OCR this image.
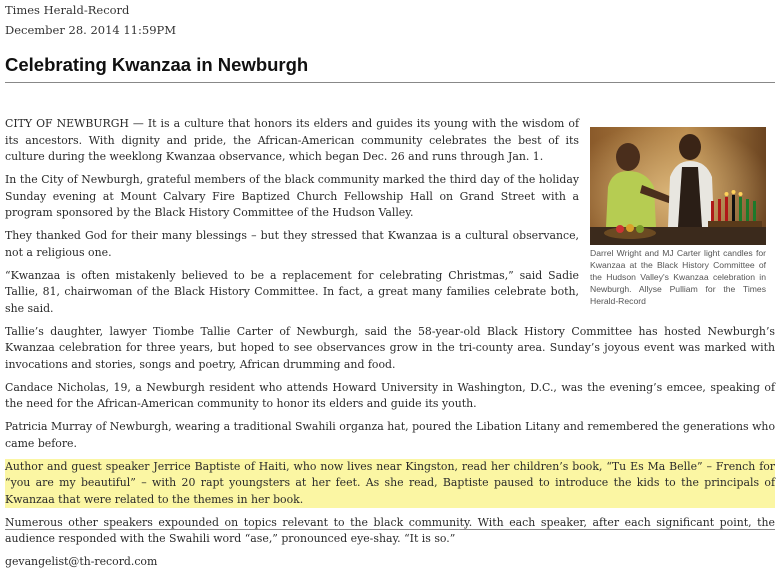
Times Herald-Record
December 28. 2014 11:59PM
Celebrating Kwanzaa in Newburgh
Darrel Wright and MJ Carter light candles for Kwanzaa at the Black History Committee of the Hudson Valley's Kwanzaa celebration in Newburgh. Allyse Pulliam for the Times Herald-Record

CITY OF NEWBURGH — It is a culture that honors its elders and guides its young with the wisdom of its ancestors. With dignity and pride, the African-American community celebrates the best of its culture during the weeklong Kwanzaa observance, which began Dec. 26 and runs through Jan. 1.

In the City of Newburgh, grateful members of the black community marked the third day of the holiday Sunday evening at Mount Calvary Fire Baptized Church Fellowship Hall on Grand Street with a program sponsored by the Black History Committee of the Hudson Valley.

They thanked God for their many blessings – but they stressed that Kwanzaa is a cultural observance, not a religious one.

“Kwanzaa is often mistakenly believed to be a replacement for celebrating Christmas,” said Sadie Tallie, 81, chairwoman of the Black History Committee. In fact, a great many families celebrate both, she said.

Tallie’s daughter, lawyer Tiombe Tallie Carter of Newburgh, said the 58-year-old Black History Committee has hosted Newburgh’s Kwanzaa celebration for three years, but hoped to see observances grow in the tri-county area. Sunday’s joyous event was marked with invocations and stories, songs and poetry, African drumming and food.

Candace Nicholas, 19, a Newburgh resident who attends Howard University in Washington, D.C., was the evening’s emcee, speaking of the need for the African-American community to honor its elders and guide its youth.

Patricia Murray of Newburgh, wearing a traditional Swahili organza hat, poured the Libation Litany and remembered the generations who came before.

Author and guest speaker Jerrice Baptiste of Haiti, who now lives near Kingston, read her children’s book, “Tu Es Ma Belle” – French for “you are my beautiful” – with 20 rapt youngsters at her feet. As she read, Baptiste paused to introduce the kids to the principals of Kwanzaa that were related to the themes in her book.

Numerous other speakers expounded on topics relevant to the black community. With each speaker, after each significant point, the audience responded with the Swahili word “ase,” pronounced eye-shay. “It is so.”

gevangelist@th-record.com
